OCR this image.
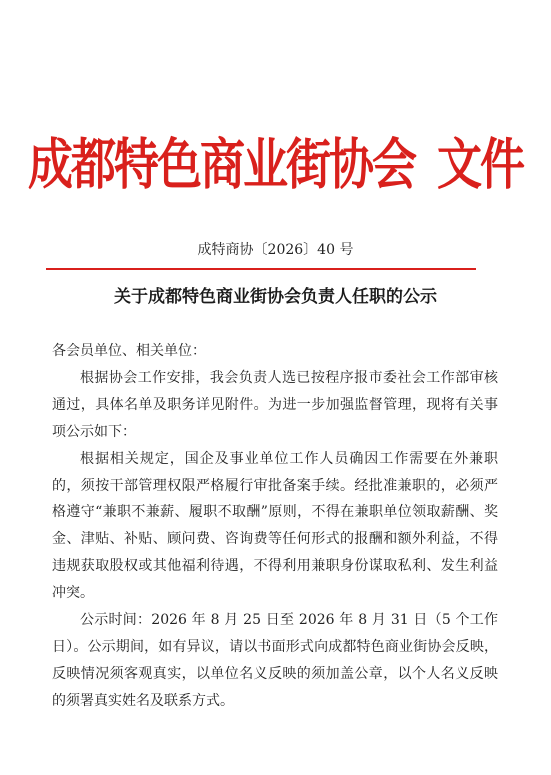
成都特色商业街协会 文件
成特商协〔2026〕40 号
关于成都特色商业街协会负责人任职的公示

各会员单位、相关单位：

根据协会工作安排，我会负责人选已按程序报市委社会工作部审核通过，具体名单及职务详见附件。为进一步加强监督管理，现将有关事项公示如下：

根据相关规定，国企及事业单位工作人员确因工作需要在外兼职的，须按干部管理权限严格履行审批备案手续。经批准兼职的，必须严格遵守“兼职不兼薪、履职不取酬”原则，不得在兼职单位领取薪酬、奖金、津贴、补贴、顾问费、咨询费等任何形式的报酬和额外利益，不得违规获取股权或其他福利待遇，不得利用兼职身份谋取私利、发生利益冲突。

公示时间：2026 年 8 月 25 日至 2026 年 8 月 31 日（5 个工作日）。公示期间，如有异议，请以书面形式向成都特色商业街协会反映，反映情况须客观真实，以单位名义反映的须加盖公章，以个人名义反映的须署真实姓名及联系方式。
